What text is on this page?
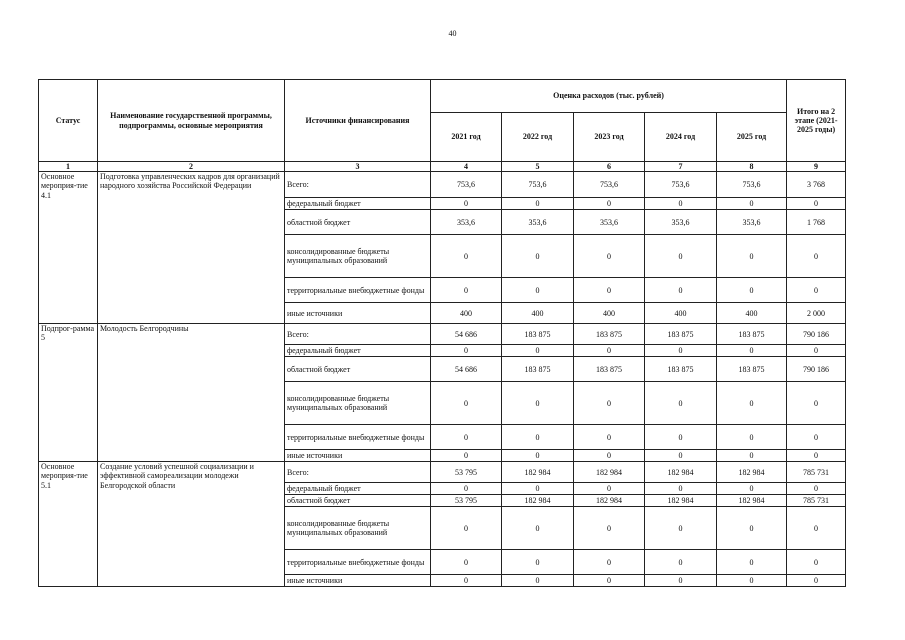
40
Статус	Наименование государственной программы, подпрограммы, основные мероприятия	Источники финансирования	Оценка расходов (тыс. рублей)					Итого на 2 этапе (2021-2025 годы)
			2021 год	2022 год	2023 год	2024 год	2025 год	
1	2	3	4	5	6	7	8	9
Основное мероприя-тие 4.1	Подготовка управленческих кадров для организаций народного хозяйства Российской Федерации	Всего:	753,6	753,6	753,6	753,6	753,6	3 768
		федеральный бюджет	0	0	0	0	0	0
		областной бюджет	353,6	353,6	353,6	353,6	353,6	1 768
		консолидированные бюджеты муниципальных образований	0	0	0	0	0	0
		территориальные внебюджетные фонды	0	0	0	0	0	0
		иные источники	400	400	400	400	400	2 000
Подпрог-рамма 5	Молодость Белгородчины	Всего:	54 686	183 875	183 875	183 875	183 875	790 186
		федеральный бюджет	0	0	0	0	0	0
		областной бюджет	54 686	183 875	183 875	183 875	183 875	790 186
		консолидированные бюджеты муниципальных образований	0	0	0	0	0	0
		территориальные внебюджетные фонды	0	0	0	0	0	0
		иные источники	0	0	0	0	0	0
Основное мероприя-тие 5.1	Создание условий успешной социализации и эффективной самореализации молодежи Белгородской области	Всего:	53 795	182 984	182 984	182 984	182 984	785 731
		федеральный бюджет	0	0	0	0	0	0
		областной бюджет	53 795	182 984	182 984	182 984	182 984	785 731
		консолидированные бюджеты муниципальных образований	0	0	0	0	0	0
		территориальные внебюджетные фонды	0	0	0	0	0	0
		иные источники	0	0	0	0	0	0
